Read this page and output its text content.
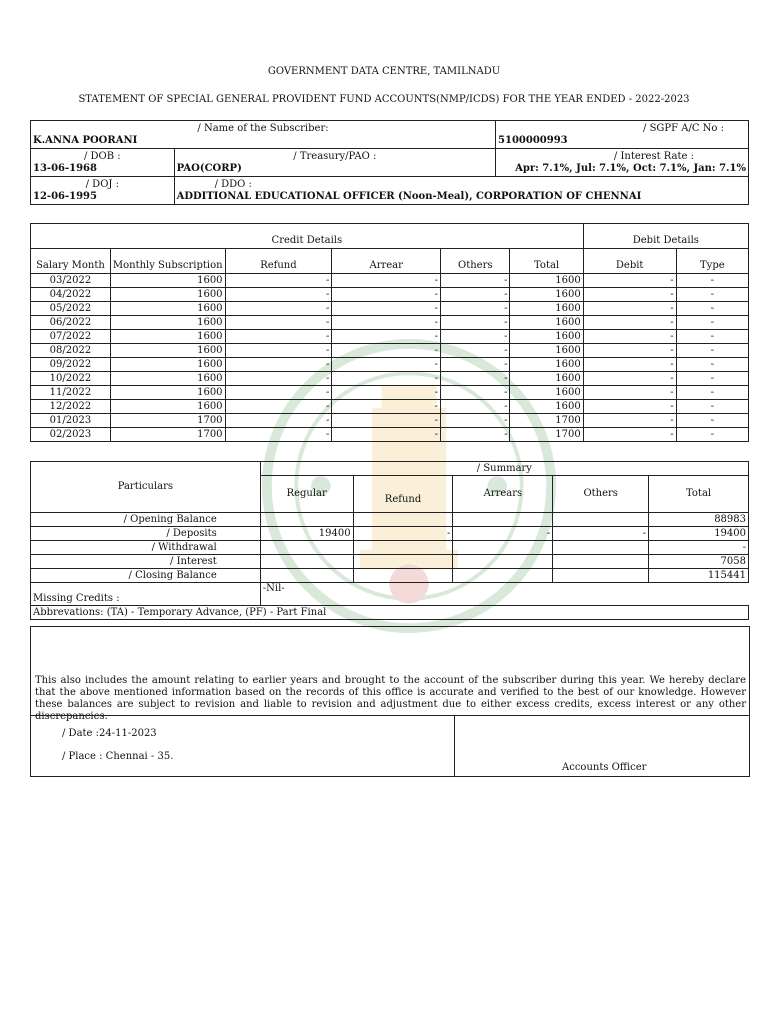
GOVERNMENT DATA CENTRE, TAMILNADU
STATEMENT OF SPECIAL GENERAL PROVIDENT FUND ACCOUNTS(NMP/ICDS) FOR THE YEAR ENDED - 2022-2023
/ Name of the Subscriber:
K.ANNA POORANI		/ SGPF A/C No :
5100000993

/ DOB :
13-06-1968	/ Treasury/PAO :
PAO(CORP)	/ Interest Rate :
Apr: 7.1%, Jul: 7.1%, Oct: 7.1%, Jan: 7.1%

/ DOJ :
12-06-1995	/ DDO :
ADDITIONAL EDUCATIONAL OFFICER (Noon-Meal), CORPORATION OF CHENNAI	
Credit Details						Debit Details	
Salary Month	Monthly Subscription	Refund	Arrear	Others	Total	Debit	Type
03/2022	1600	-	-	-	1600	-	-
04/2022	1600	-	-	-	1600	-	-
05/2022	1600	-	-	-	1600	-	-
06/2022	1600	-	-	-	1600	-	-
07/2022	1600	-	-	-	1600	-	-
08/2022	1600	-	-	-	1600	-	-
09/2022	1600	-	-	-	1600	-	-
10/2022	1600	-	-	-	1600	-	-
11/2022	1600	-	-	-	1600	-	-
12/2022	1600	-	-	-	1600	-	-
01/2023	1700	-	-	-	1700	-	-
02/2023	1700	-	-	-	1700	-	-
Particulars	/ Summary				
	Regular	Refund	Arrears	Others	Total
/ Opening Balance					88983
/ Deposits	19400	-	-	-	19400
/ Withdrawal					-
/ Interest					7058
/ Closing Balance					115441
Missing Credits :	-Nil-				
Abbrevations: (TA) - Temporary Advance, (PF) - Part Final					
This also includes the amount relating to earlier years and brought to the account of the subscriber during this year. We hereby declare that the above mentioned information based on the records of this office is accurate and verified to the best of our knowledge. However these balances are subject to revision and liable to revision and adjustment due to either excess credits, excess interest or any other discrepancies.
/ Date :24-11-2023
/ Place : Chennai - 35.
Accounts Officer
